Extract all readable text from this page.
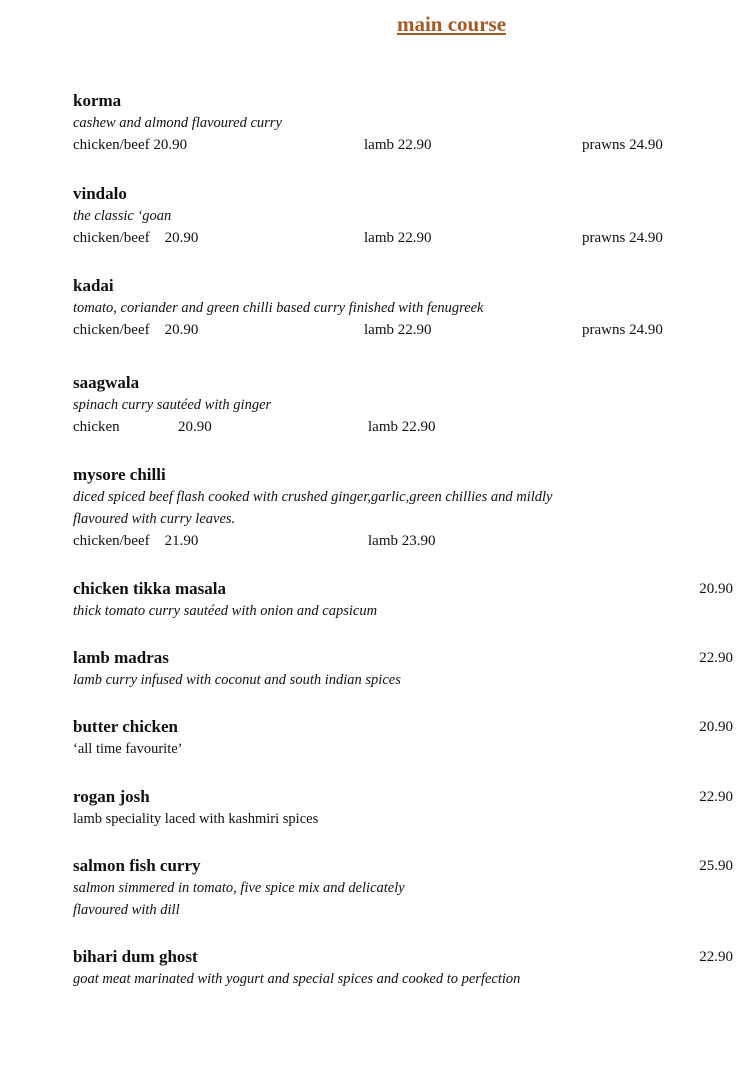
main course
korma
cashew and almond flavoured curry
chicken/beef 20.90	lamb 22.90	prawns 24.90
vindalo
the classic ‘goan
chicken/beef    20.90	lamb 22.90	prawns 24.90
kadai
tomato, coriander and green chilli based curry finished with fenugreek
chicken/beef    20.90	lamb 22.90	prawns 24.90
saagwala
spinach curry sautéed with ginger
chicken	20.90	lamb 22.90
mysore chilli
diced spiced beef flash cooked with crushed ginger,garlic,green chillies and mildly
flavoured with curry leaves.
chicken/beef    21.90	lamb 23.90
chicken tikka masala	20.90
thick tomato curry sautéed with onion and capsicum
lamb madras	22.90
lamb curry infused with coconut and south indian spices
butter chicken	20.90
‘all time favourite’
rogan josh	22.90
lamb speciality laced with kashmiri spices
salmon fish curry	25.90
salmon simmered in tomato, five spice mix and delicately
flavoured with dill
bihari dum ghost	22.90
goat meat marinated with yogurt and special spices and cooked to perfection
